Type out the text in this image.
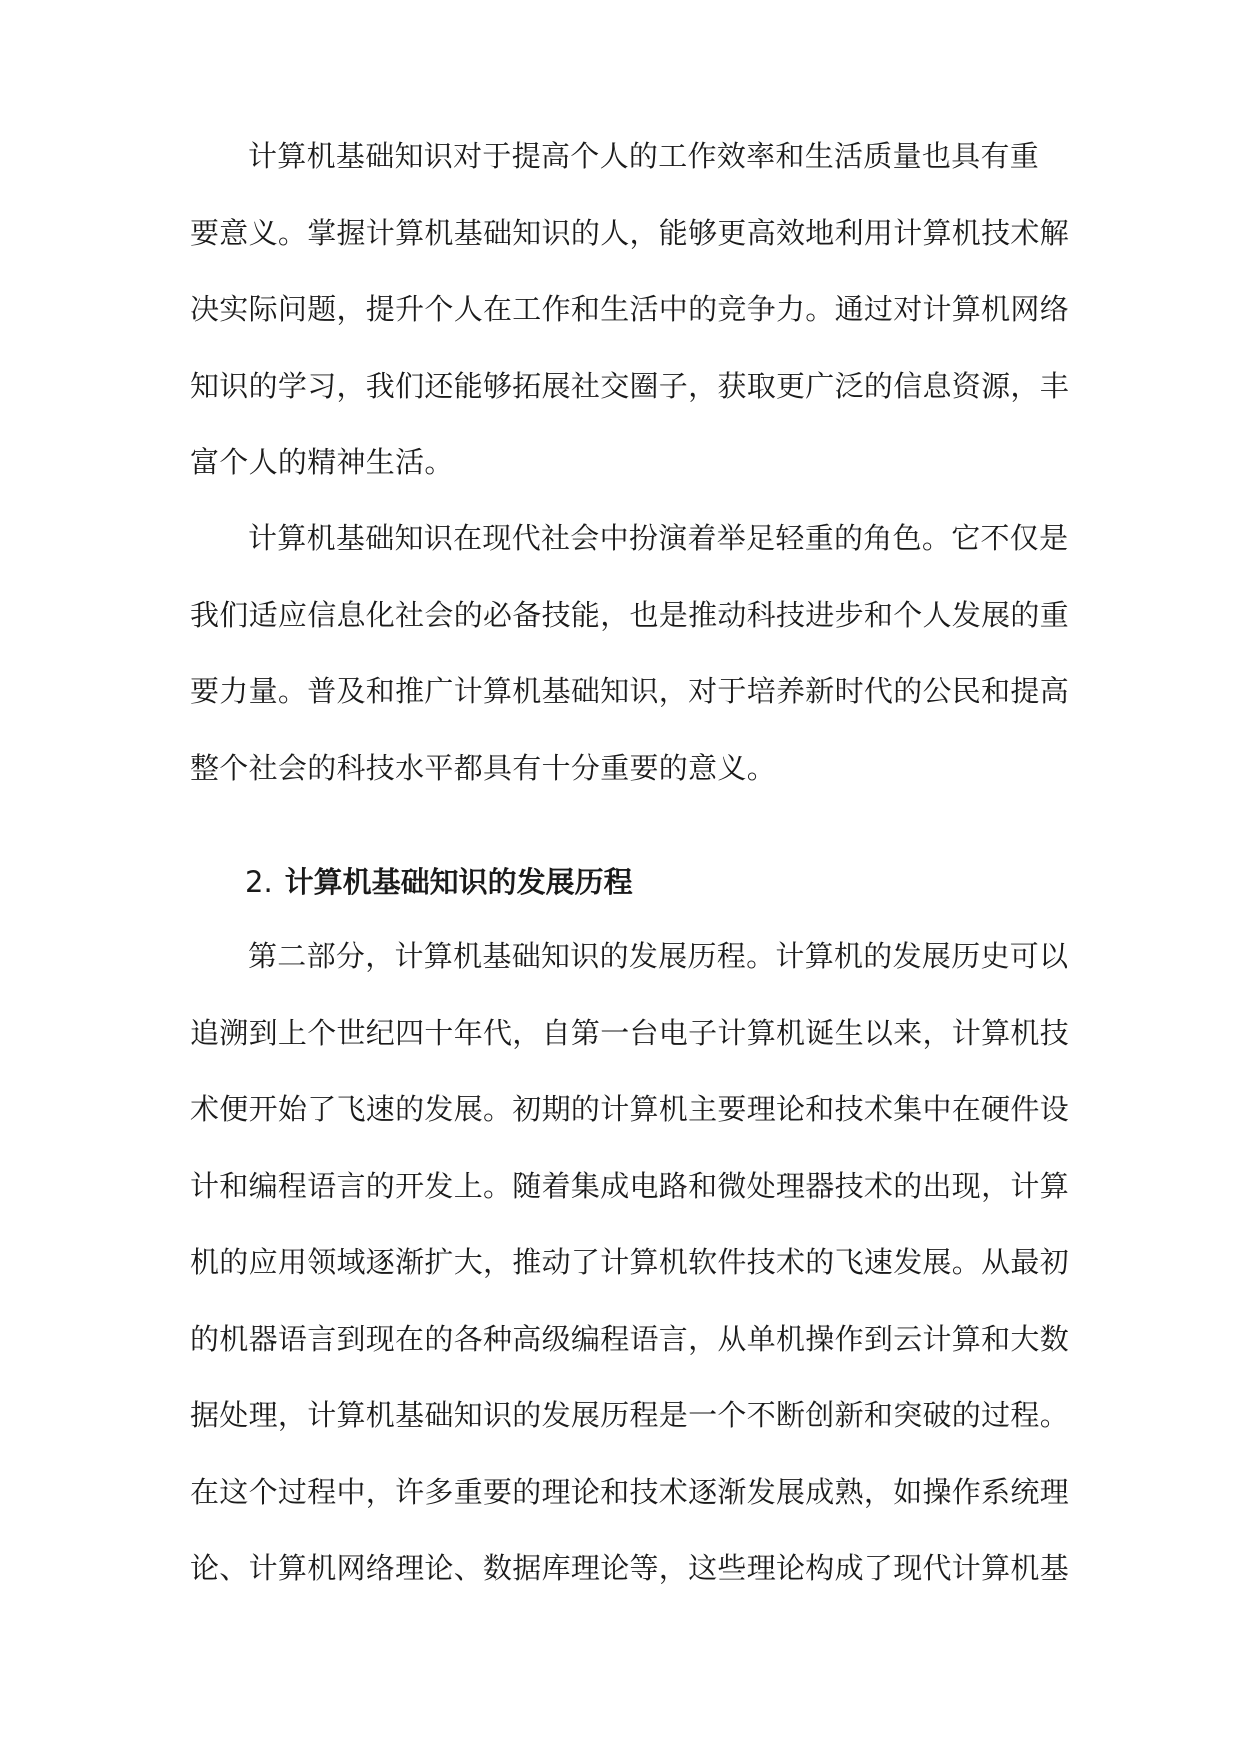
计算机基础知识对于提高个人的工作效率和生活质量也具有重
要意义。掌握计算机基础知识的人，能够更高效地利用计算机技术解
决实际问题，提升个人在工作和生活中的竞争力。通过对计算机网络
知识的学习，我们还能够拓展社交圈子，获取更广泛的信息资源，丰
富个人的精神生活。
计算机基础知识在现代社会中扮演着举足轻重的角色。它不仅是
我们适应信息化社会的必备技能，也是推动科技进步和个人发展的重
要力量。普及和推广计算机基础知识，对于培养新时代的公民和提高
整个社会的科技水平都具有十分重要的意义。
2. 计算机基础知识的发展历程
第二部分，计算机基础知识的发展历程。计算机的发展历史可以
追溯到上个世纪四十年代，自第一台电子计算机诞生以来，计算机技
术便开始了飞速的发展。初期的计算机主要理论和技术集中在硬件设
计和编程语言的开发上。随着集成电路和微处理器技术的出现，计算
机的应用领域逐渐扩大，推动了计算机软件技术的飞速发展。从最初
的机器语言到现在的各种高级编程语言，从单机操作到云计算和大数
据处理，计算机基础知识的发展历程是一个不断创新和突破的过程。
在这个过程中，许多重要的理论和技术逐渐发展成熟，如操作系统理
论、计算机网络理论、数据库理论等，这些理论构成了现代计算机基
